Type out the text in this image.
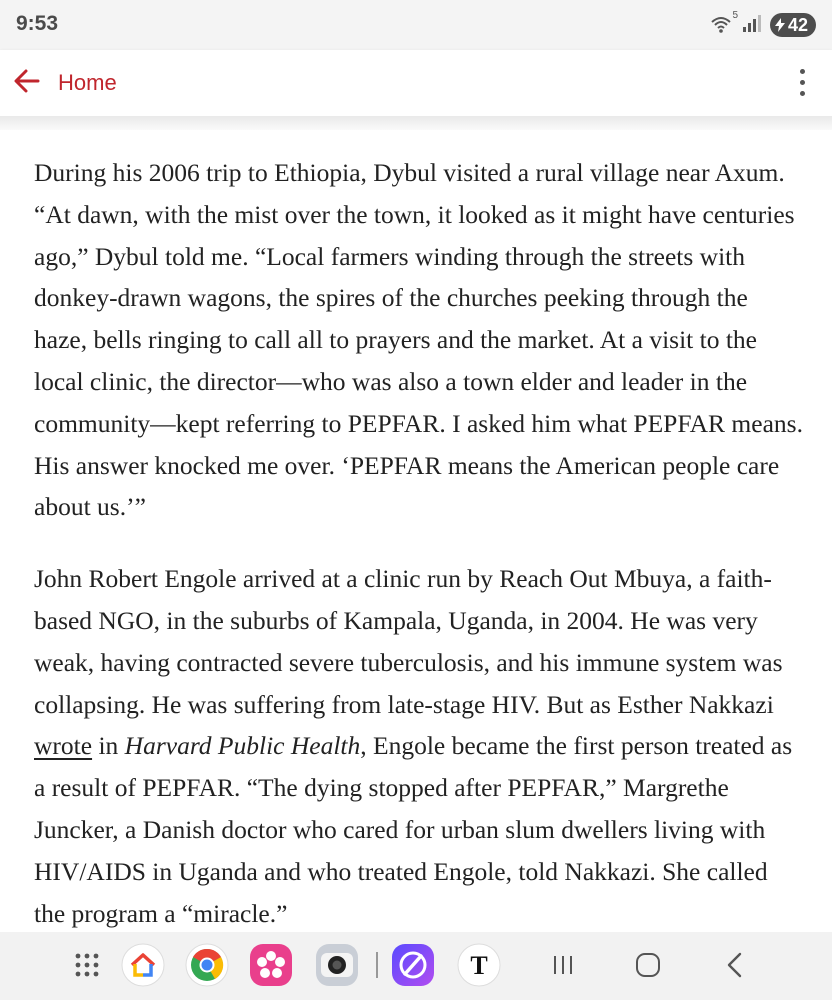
9:53	5	42
Home

During his 2006 trip to Ethiopia, Dybul visited a rural village near Axum. “At dawn, with the mist over the town, it looked as it might have centuries ago,” Dybul told me. “Local farmers winding through the streets with donkey-drawn wagons, the spires of the churches peeking through the haze, bells ringing to call all to prayers and the market. At a visit to the local clinic, the director—who was also a town elder and leader in the community—kept referring to PEPFAR. I asked him what PEPFAR means. His answer knocked me over. ‘PEPFAR means the American people care about us.’”

John Robert Engole arrived at a clinic run by Reach Out Mbuya, a faith-based NGO, in the suburbs of Kampala, Uganda, in 2004. He was very weak, having contracted severe tuberculosis, and his immune system was collapsing. He was suffering from late-stage HIV. But as Esther Nakkazi wrote in Harvard Public Health, Engole became the first person treated as a result of PEPFAR. “The dying stopped after PEPFAR,” Margrethe Juncker, a Danish doctor who cared for urban slum dwellers living with HIV/AIDS in Uganda and who treated Engole, told Nakkazi. She called the program a “miracle.”

T
